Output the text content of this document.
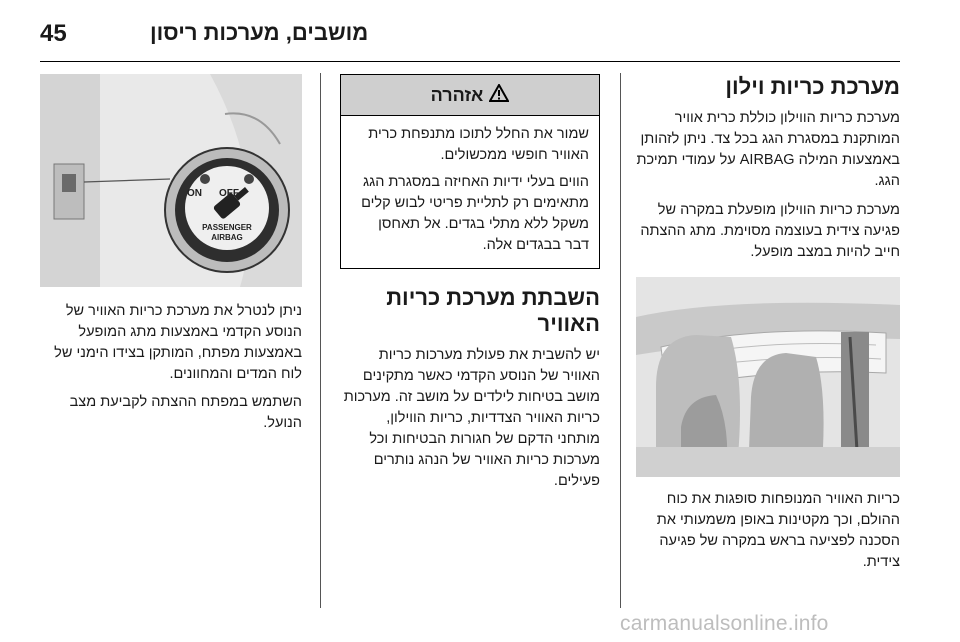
45	מושבים, מערכות ריסון
מערכת כריות וילון

מערכת כריות הווילון כוללת כרית אוויר המותקנת במסגרת הגג בכל צד. ניתן לזהותן באמצעות המילה AIRBAG על עמודי תמיכת הגג.

מערכת כריות הווילון מופעלת במקרה של פגיעה צידית בעוצמה מסוימת. מתג ההצתה חייב להיות במצב מופעל.

כריות האוויר המנופחות סופגות את כוח ההולם, וכך מקטינות באופן משמעותי את הסכנה לפציעה בראש במקרה של פגיעה צידית.

אזהרה

שמור את החלל לתוכו מתנפחת כרית האוויר חופשי ממכשולים.

הווים בעלי ידיות האחיזה במסגרת הגג מתאימים רק לתליית פריטי לבוש קלים משקל ללא מתלי בגדים. אל תאחסן דבר בבגדים אלה.

השבתת מערכת כריות האוויר

יש להשבית את פעולת מערכות כריות האוויר של הנוסע הקדמי כאשר מתקינים מושב בטיחות לילדים על מושב זה. מערכות כריות האוויר הצדדיות, כריות הווילון, מותחני הדקם של חגורות הבטיחות וכל מערכות כריות האוויר של הנהג נותרים פעילים.

ON OFF
PASSENGER
AIRBAG

ניתן לנטרל את מערכת כריות האוויר של הנוסע הקדמי באמצעות מתג המופעל באמצעות מפתח, המותקן בצידו הימני של לוח המדים והמחוונים.

השתמש במפתח ההצתה לקביעת מצב הנועל.

carmanualsonline.info
